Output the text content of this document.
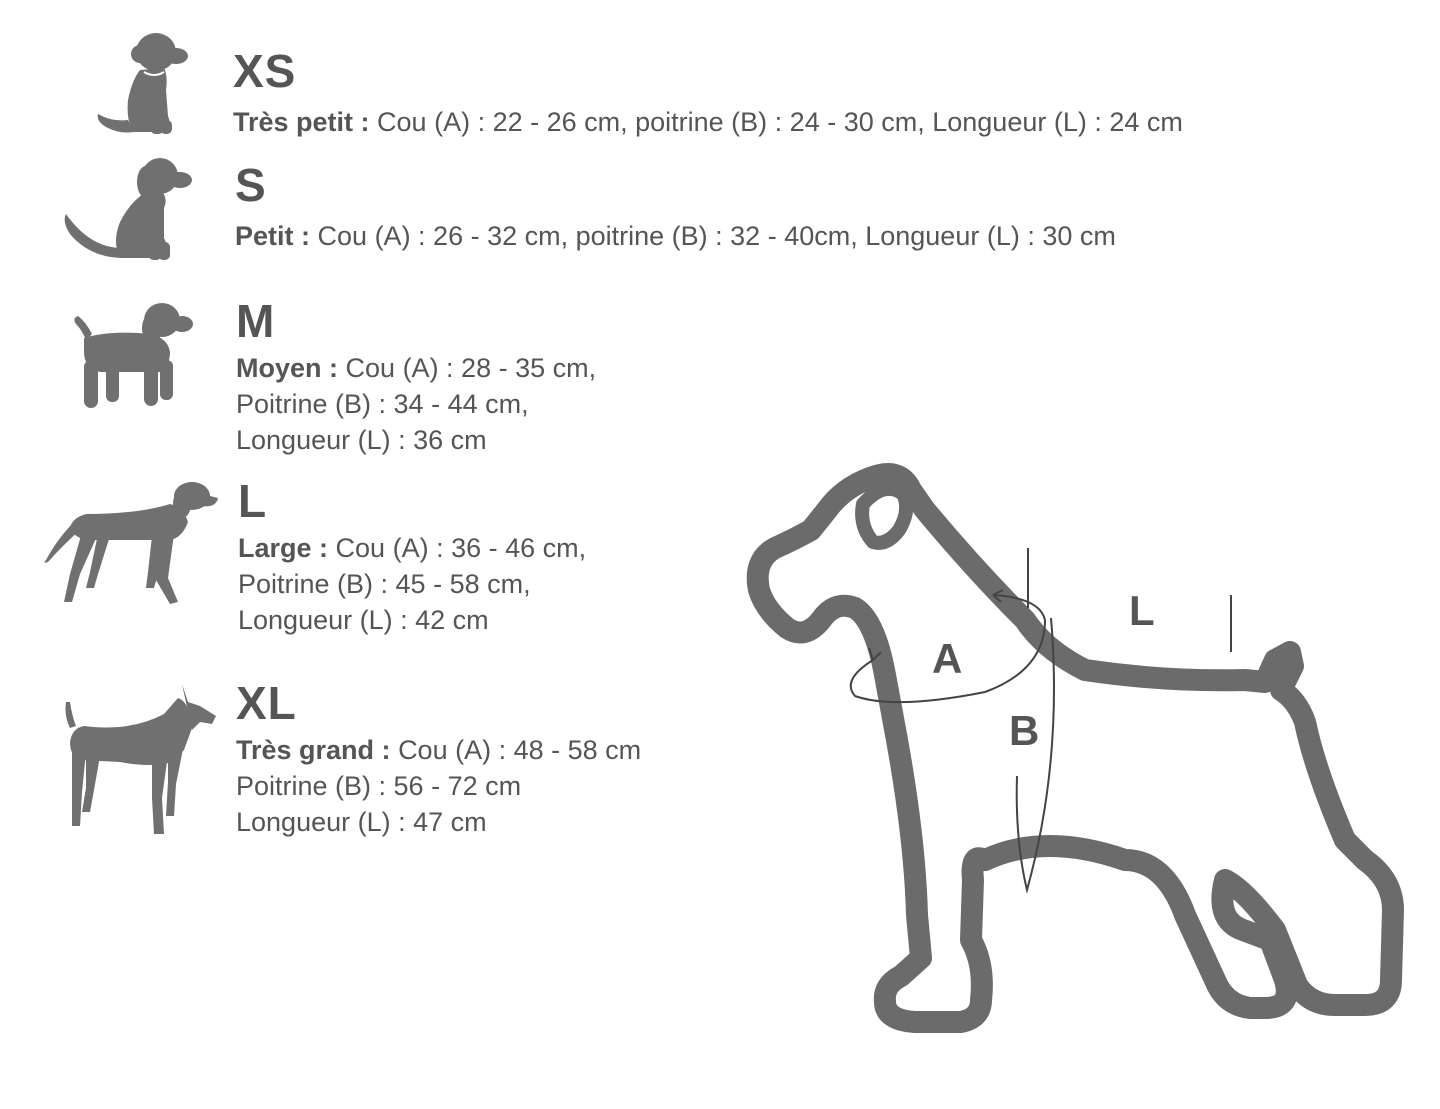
XS
Très petit : Cou (A) : 22 - 26 cm, poitrine (B) : 24 - 30 cm, Longueur (L) : 24 cm
S
Petit : Cou (A) : 26 - 32 cm, poitrine (B) : 32 - 40cm, Longueur (L) : 30 cm
M
Moyen : Cou (A) : 28 - 35 cm,
Poitrine (B) : 34 - 44 cm,
Longueur (L) : 36 cm
L
Large : Cou (A) : 36 - 46 cm,
Poitrine (B) : 45 - 58 cm,
Longueur (L) : 42 cm
XL
Très grand : Cou (A) : 48 - 58 cm
Poitrine (B) : 56 - 72 cm
Longueur (L) : 47 cm
A
B
L
